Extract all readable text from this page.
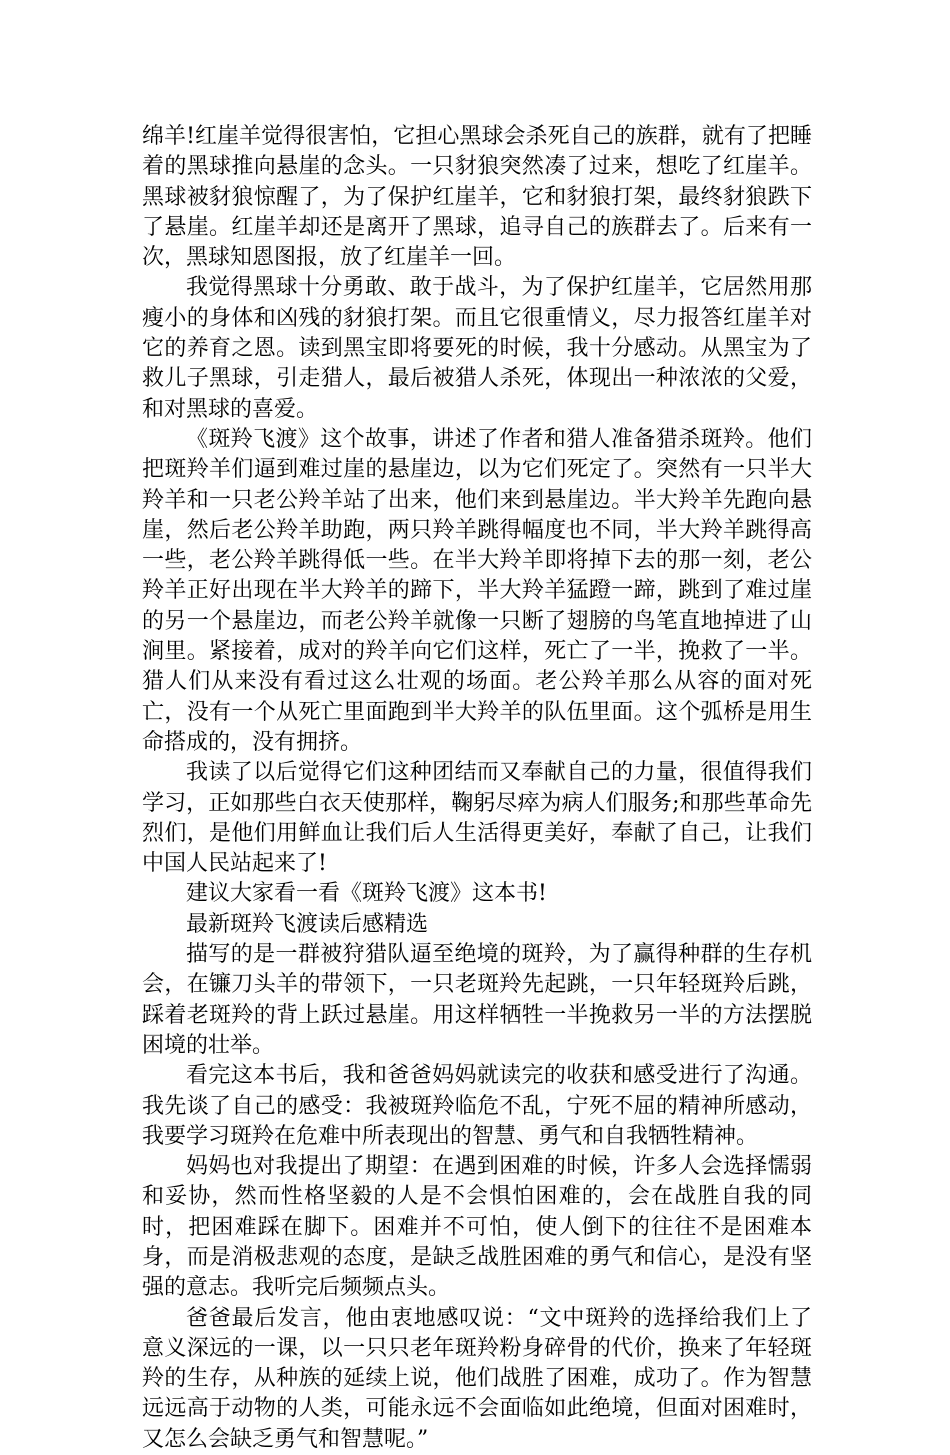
绵羊!红崖羊觉得很害怕，它担心黑球会杀死自己的族群，就有了把睡着的黑球推向悬崖的念头。一只豺狼突然凑了过来，想吃了红崖羊。黑球被豺狼惊醒了，为了保护红崖羊，它和豺狼打架，最终豺狼跌下了悬崖。红崖羊却还是离开了黑球，追寻自己的族群去了。后来有一次，黑球知恩图报，放了红崖羊一回。

我觉得黑球十分勇敢、敢于战斗，为了保护红崖羊，它居然用那瘦小的身体和凶残的豺狼打架。而且它很重情义，尽力报答红崖羊对它的养育之恩。读到黑宝即将要死的时候，我十分感动。从黑宝为了救儿子黑球，引走猎人，最后被猎人杀死，体现出一种浓浓的父爱，和对黑球的喜爱。

《斑羚飞渡》这个故事，讲述了作者和猎人准备猎杀斑羚。他们把斑羚羊们逼到难过崖的悬崖边，以为它们死定了。突然有一只半大羚羊和一只老公羚羊站了出来，他们来到悬崖边。半大羚羊先跑向悬崖，然后老公羚羊助跑，两只羚羊跳得幅度也不同，半大羚羊跳得高一些，老公羚羊跳得低一些。在半大羚羊即将掉下去的那一刻，老公羚羊正好出现在半大羚羊的蹄下，半大羚羊猛蹬一蹄，跳到了难过崖的另一个悬崖边，而老公羚羊就像一只断了翅膀的鸟笔直地掉进了山涧里。紧接着，成对的羚羊向它们这样，死亡了一半，挽救了一半。猎人们从来没有看过这么壮观的场面。老公羚羊那么从容的面对死亡，没有一个从死亡里面跑到半大羚羊的队伍里面。这个弧桥是用生命搭成的，没有拥挤。

我读了以后觉得它们这种团结而又奉献自己的力量，很值得我们学习，正如那些白衣天使那样，鞠躬尽瘁为病人们服务;和那些革命先烈们，是他们用鲜血让我们后人生活得更美好，奉献了自己，让我们中国人民站起来了!

建议大家看一看《斑羚飞渡》这本书!

最新斑羚飞渡读后感精选

描写的是一群被狩猎队逼至绝境的斑羚，为了赢得种群的生存机会，在镰刀头羊的带领下，一只老斑羚先起跳，一只年轻斑羚后跳，踩着老斑羚的背上跃过悬崖。用这样牺牲一半挽救另一半的方法摆脱困境的壮举。

看完这本书后，我和爸爸妈妈就读完的收获和感受进行了沟通。我先谈了自己的感受：我被斑羚临危不乱，宁死不屈的精神所感动，我要学习斑羚在危难中所表现出的智慧、勇气和自我牺牲精神。

妈妈也对我提出了期望：在遇到困难的时候，许多人会选择懦弱和妥协，然而性格坚毅的人是不会惧怕困难的，会在战胜自我的同时，把困难踩在脚下。困难并不可怕，使人倒下的往往不是困难本身，而是消极悲观的态度，是缺乏战胜困难的勇气和信心，是没有坚强的意志。我听完后频频点头。

爸爸最后发言，他由衷地感叹说：“文中斑羚的选择给我们上了意义深远的一课，以一只只老年斑羚粉身碎骨的代价，换来了年轻斑羚的生存，从种族的延续上说，他们战胜了困难，成功了。作为智慧远远高于动物的人类，可能永远不会面临如此绝境，但面对困难时，又怎么会缺乏勇气和智慧呢。”
